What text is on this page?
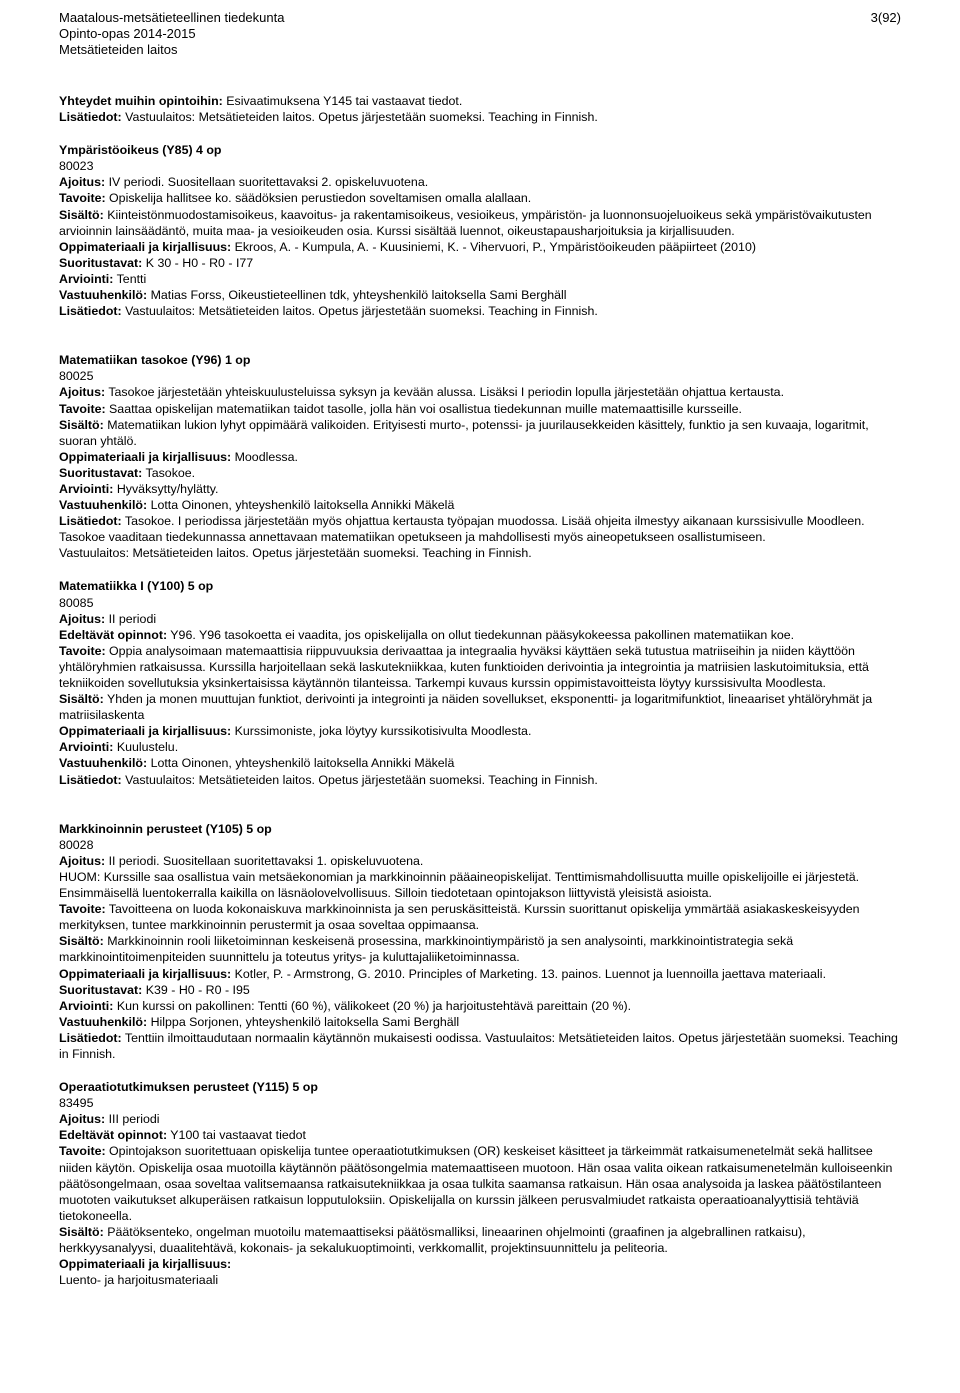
Maatalous-metsätieteellinen tiedekunta
Opinto-opas 2014-2015
Metsätieteiden laitos
3(92)

Yhteydet muihin opintoihin: Esivaatimuksena Y145 tai vastaavat tiedot.

Lisätiedot: Vastuulaitos: Metsätieteiden laitos. Opetus järjestetään suomeksi. Teaching in Finnish.

Ympäristöoikeus (Y85) 4 op

80023

Ajoitus: IV periodi. Suositellaan suoritettavaksi 2. opiskeluvuotena.

Tavoite: Opiskelija hallitsee ko. säädöksien perustiedon soveltamisen omalla alallaan.

Sisältö: Kiinteistönmuodostamisoikeus, kaavoitus- ja rakentamisoikeus, vesioikeus, ympäristön- ja luonnonsuojeluoikeus sekä ympäristövaikutusten arvioinnin lainsäädäntö, muita maa- ja vesioikeuden osia. Kurssi sisältää luennot, oikeustapausharjoituksia ja kirjallisuuden.

Oppimateriaali ja kirjallisuus: Ekroos, A. - Kumpula, A. - Kuusiniemi, K. - Vihervuori, P., Ympäristöoikeuden pääpiirteet (2010)

Suoritustavat: K 30 - H0 - R0 - I77

Arviointi: Tentti

Vastuuhenkilö: Matias Forss, Oikeustieteellinen tdk, yhteyshenkilö laitoksella Sami Berghäll

Lisätiedot: Vastuulaitos: Metsätieteiden laitos. Opetus järjestetään suomeksi. Teaching in Finnish.

Matematiikan tasokoe (Y96) 1 op

80025

Ajoitus: Tasokoe järjestetään yhteiskuulusteluissa syksyn ja kevään alussa. Lisäksi I periodin lopulla järjestetään ohjattua kertausta.

Tavoite: Saattaa opiskelijan matematiikan taidot tasolle, jolla hän voi osallistua tiedekunnan muille matemaattisille kursseille.

Sisältö: Matematiikan lukion lyhyt oppimäärä valikoiden. Erityisesti murto-, potenssi- ja juurilausekkeiden käsittely, funktio ja sen kuvaaja, logaritmit, suoran yhtälö.

Oppimateriaali ja kirjallisuus: Moodlessa.

Suoritustavat: Tasokoe.

Arviointi: Hyväksytty/hylätty.

Vastuuhenkilö: Lotta Oinonen, yhteyshenkilö laitoksella Annikki Mäkelä

Lisätiedot: Tasokoe. I periodissa järjestetään myös ohjattua kertausta työpajan muodossa. Lisää ohjeita ilmestyy aikanaan kurssisivulle Moodleen.

Tasokoe vaaditaan tiedekunnassa annettavaan matematiikan opetukseen ja mahdollisesti myös aineopetukseen osallistumiseen.

Vastuulaitos: Metsätieteiden laitos. Opetus järjestetään suomeksi. Teaching in Finnish.

Matematiikka I (Y100) 5 op

80085

Ajoitus: II periodi

Edeltävät opinnot: Y96. Y96 tasokoetta ei vaadita, jos opiskelijalla on ollut tiedekunnan pääsykokeessa pakollinen matematiikan koe.

Tavoite: Oppia analysoimaan matemaattisia riippuvuuksia derivaattaa ja integraalia hyväksi käyttäen sekä tutustua matriiseihin ja niiden käyttöön yhtälöryhmien ratkaisussa. Kurssilla harjoitellaan sekä laskutekniikkaa, kuten funktioiden derivointia ja integrointia ja matriisien laskutoimituksia, että tekniikoiden sovellutuksia yksinkertaisissa käytännön tilanteissa. Tarkempi kuvaus kurssin oppimistavoitteista löytyy kurssisivulta Moodlesta.

Sisältö: Yhden ja monen muuttujan funktiot, derivointi ja integrointi ja näiden sovellukset, eksponentti- ja logaritmifunktiot, lineaariset yhtälöryhmät ja matriisilaskenta

Oppimateriaali ja kirjallisuus: Kurssimoniste, joka löytyy kurssikotisivulta Moodlesta.

Arviointi: Kuulustelu.

Vastuuhenkilö: Lotta Oinonen, yhteyshenkilö laitoksella Annikki Mäkelä

Lisätiedot: Vastuulaitos: Metsätieteiden laitos. Opetus järjestetään suomeksi. Teaching in Finnish.

Markkinoinnin perusteet (Y105) 5 op

80028

Ajoitus: II periodi. Suositellaan suoritettavaksi 1. opiskeluvuotena.

HUOM: Kurssille saa osallistua vain metsäekonomian ja markkinoinnin pääaineopiskelijat. Tenttimismahdollisuutta muille opiskelijoille ei järjestetä. Ensimmäisellä luentokerralla kaikilla on läsnäolovelvollisuus. Silloin tiedotetaan opintojakson liittyvistä yleisistä asioista.

Tavoite: Tavoitteena on luoda kokonaiskuva markkinoinnista ja sen peruskäsitteistä. Kurssin suorittanut opiskelija ymmärtää asiakaskeskeisyyden merkityksen, tuntee markkinoinnin perustermit ja osaa soveltaa oppimaansa.

Sisältö: Markkinoinnin rooli liiketoiminnan keskeisenä prosessina, markkinointiympäristö ja sen analysointi, markkinointistrategia sekä markkinointitoimenpiteiden suunnittelu ja toteutus yritys- ja kuluttajaliiketoiminnassa.

Oppimateriaali ja kirjallisuus: Kotler, P. - Armstrong, G. 2010. Principles of Marketing. 13. painos. Luennot ja luennoilla jaettava materiaali.

Suoritustavat: K39 - H0 - R0 - I95

Arviointi: Kun kurssi on pakollinen: Tentti (60 %), välikokeet (20 %) ja harjoitustehtävä pareittain (20 %).

Vastuuhenkilö: Hilppa Sorjonen, yhteyshenkilö laitoksella Sami Berghäll

Lisätiedot: Tenttiin ilmoittaudutaan normaalin käytännön mukaisesti oodissa. Vastuulaitos: Metsätieteiden laitos. Opetus järjestetään suomeksi. Teaching in Finnish.

Operaatiotutkimuksen perusteet (Y115) 5 op

83495

Ajoitus: III periodi

Edeltävät opinnot: Y100 tai vastaavat tiedot

Tavoite: Opintojakson suoritettuaan opiskelija tuntee operaatiotutkimuksen (OR) keskeiset käsitteet ja tärkeimmät ratkaisumenetelmät sekä hallitsee niiden käytön. Opiskelija osaa muotoilla käytännön päätösongelmia matemaattiseen muotoon. Hän osaa valita oikean ratkaisumenetelmän kulloiseenkin päätösongelmaan, osaa soveltaa valitsemaansa ratkaisutekniikkaa ja osaa tulkita saamansa ratkaisun. Hän osaa analysoida ja laskea päätöstilanteen muototen vaikutukset alkuperäisen ratkaisun lopputuloksiin. Opiskelijalla on kurssin jälkeen perusvalmiudet ratkaista operaatioanalyyttisiä tehtäviä tietokoneella.

Sisältö: Päätöksenteko, ongelman muotoilu matemaattiseksi päätösmalliksi, lineaarinen ohjelmointi (graafinen ja algebrallinen ratkaisu), herkkyysanalyysi, duaalitehtävä, kokonais- ja sekalukuoptimointi, verkkomallit, projektinsuunnittelu ja peliteoria.

Oppimateriaali ja kirjallisuus:

Luento- ja harjoitusmateriaali
